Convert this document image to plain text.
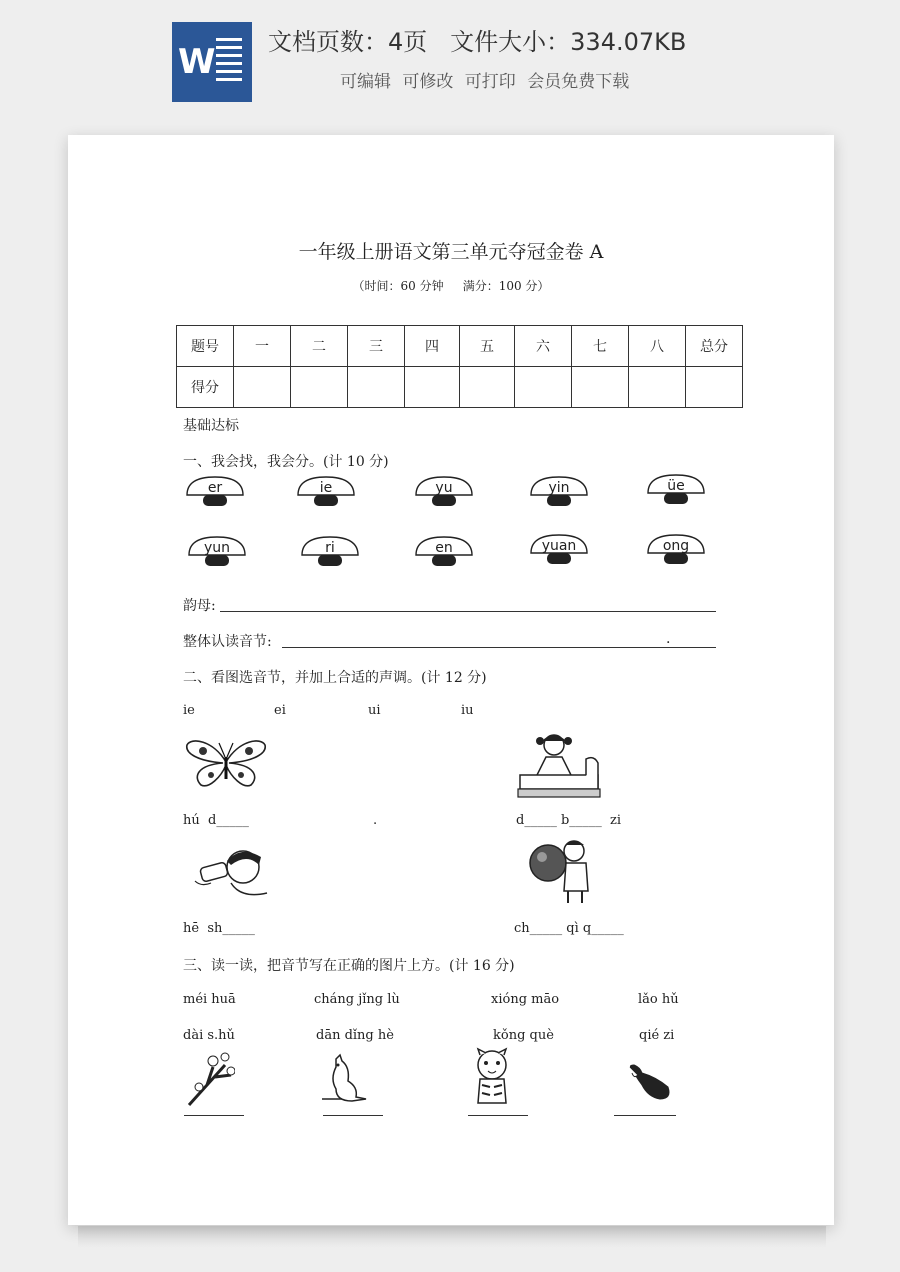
W 文档页数：4页   文件大小：334.07KB
可编辑 可修改 可打印 会员免费下载
一年级上册语文第三单元夺冠金卷 A
（时间：60 分钟     满分：100 分）
题号	一	二	三	四	五	六	七	八	总分
得分									
基础达标
一、我会找，我会分。(计 10 分)
er	ie	yu	yin	üe
yun	ri	en	yuan	ong
韵母:
整体认读音节:	.
二、看图选音节，并加上合适的声调。(计 12 分)
ie	ei	ui	iu
hú  d_____	.	d_____ b_____  zi
hē  sh_____	ch_____ qì q_____
三、读一读，把音节写在正确的图片上方。(计 16 分)
méi huā	cháng jǐng lù	xióng māo	lǎo hǔ
dài s.hǔ	dān dǐng hè	kǒng què	qié zi
